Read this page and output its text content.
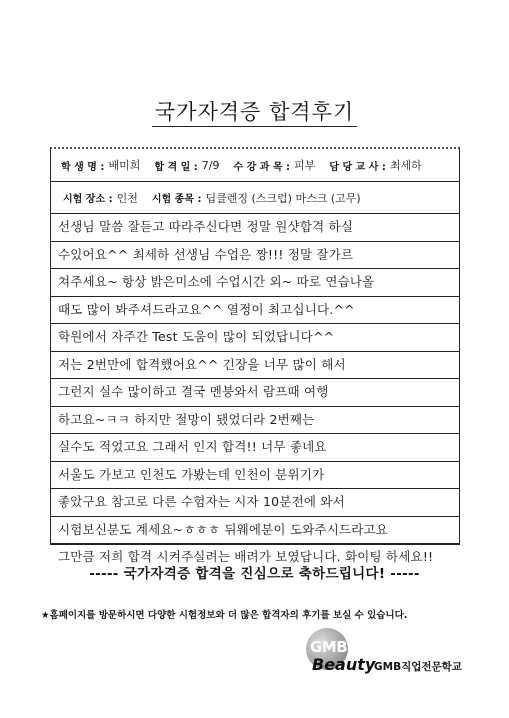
국가자격증 합격후기
학 생 명 : 배미희 합 격 일 : 7/9 수 강 과 목 : 피부 담 당 교 사 : 최세하
시험 장소 : 인천 시험 종목 : 딥클렌징 (스크럽) 마스크 (고무)
선생님 말씀 잘듣고 따라주신다면 정말 원샷합격 하실
수있어요^^ 최세하 선생님 수업은 짱!!! 정말 잘가르
쳐주세요~ 항상 밝은미소에 수업시간 외~ 따로 연습나올
때도 많이 봐주셔드라고요^^ 열정이 최고십니다.^^
학원에서 자주간 Test 도움이 많이 되었답니다^^
저는 2번만에 합격했어요^^ 긴장을 너무 많이 해서
그런지 실수 많이하고 결국 멘붕와서 람프때 여행
하고요~ㅋㅋ 하지만 절망이 됐었더라 2번째는
실수도 적었고요 그래서 인지 합격!! 너무 좋네요
서울도 가보고 인천도 가봤는데 인천이 분위기가
좋았구요 참고로 다른 수험자는 시자 10분전에 와서
시험보신분도 계세요~ㅎㅎㅎ 뒤웨에분이 도와주시드라고요
그만큼 저희 합격 시켜주실려는 배려가 보였답니다. 화이팅 하세요!!
----- 국가자격증 합격을 진심으로 축하드립니다! -----
★홈페이지를 방문하시면 다양한 시험정보와 더 많은 합격자의 후기를 보실 수 있습니다.
GMB
Beauty
GMB직업전문학교
